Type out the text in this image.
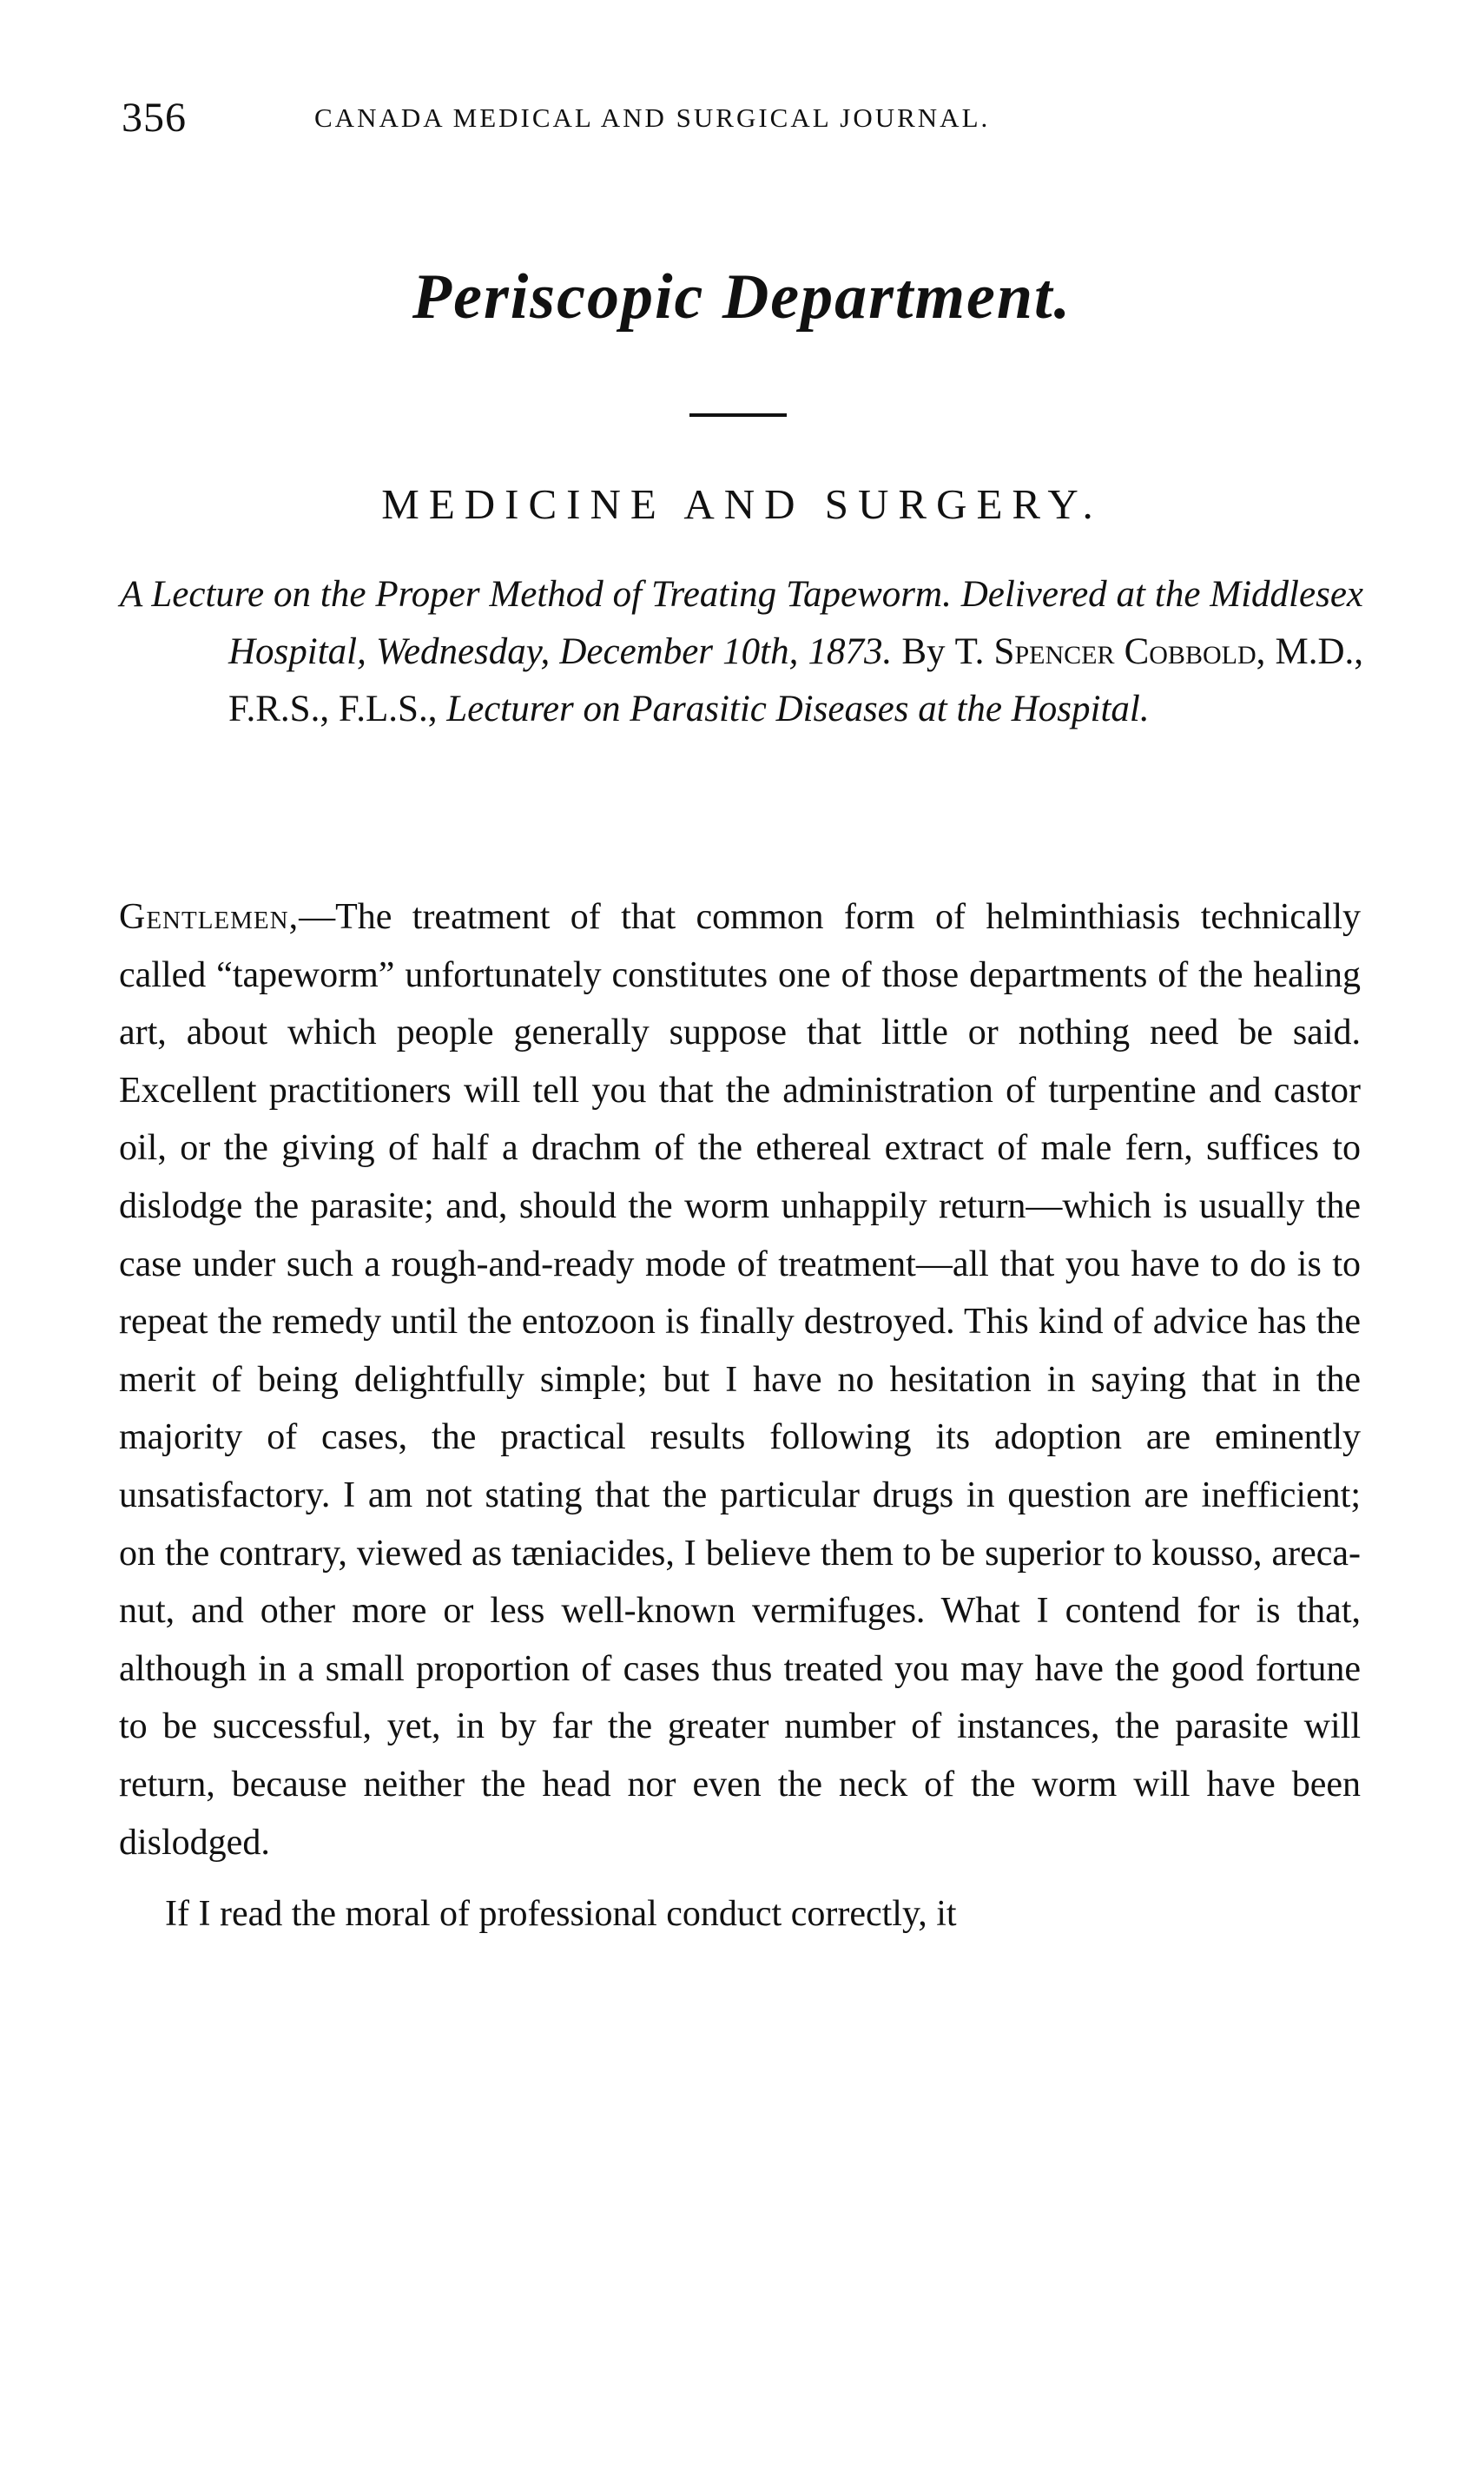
356	CANADA MEDICAL AND SURGICAL JOURNAL.
Periscopic Department.
MEDICINE AND SURGERY.
A Lecture on the Proper Method of Treating Tapeworm. Delivered at the Middlesex Hospital, Wednesday, December 10th, 1873. By T. Spencer Cobbold, M.D., F.R.S., F.L.S., Lecturer on Parasitic Diseases at the Hospital.

Gentlemen,—The treatment of that common form of helminthiasis technically called “tapeworm” unfortunately constitutes one of those departments of the healing art, about which people generally suppose that little or nothing need be said. Excellent practitioners will tell you that the administration of turpentine and castor oil, or the giving of half a drachm of the ethereal extract of male fern, suffices to dislodge the parasite; and, should the worm unhappily return—which is usually the case under such a rough-and-ready mode of treatment—all that you have to do is to repeat the remedy until the entozoon is finally destroyed. This kind of advice has the merit of being delightfully simple; but I have no hesitation in saying that in the majority of cases, the practical results following its adoption are eminently unsatisfactory. I am not stating that the particular drugs in question are inefficient; on the contrary, viewed as tæniacides, I believe them to be superior to kousso, areca-nut, and other more or less well-known vermifuges. What I contend for is that, although in a small proportion of cases thus treated you may have the good fortune to be successful, yet, in by far the greater number of instances, the parasite will return, because neither the head nor even the neck of the worm will have been dislodged.

If I read the moral of professional conduct correctly, it
